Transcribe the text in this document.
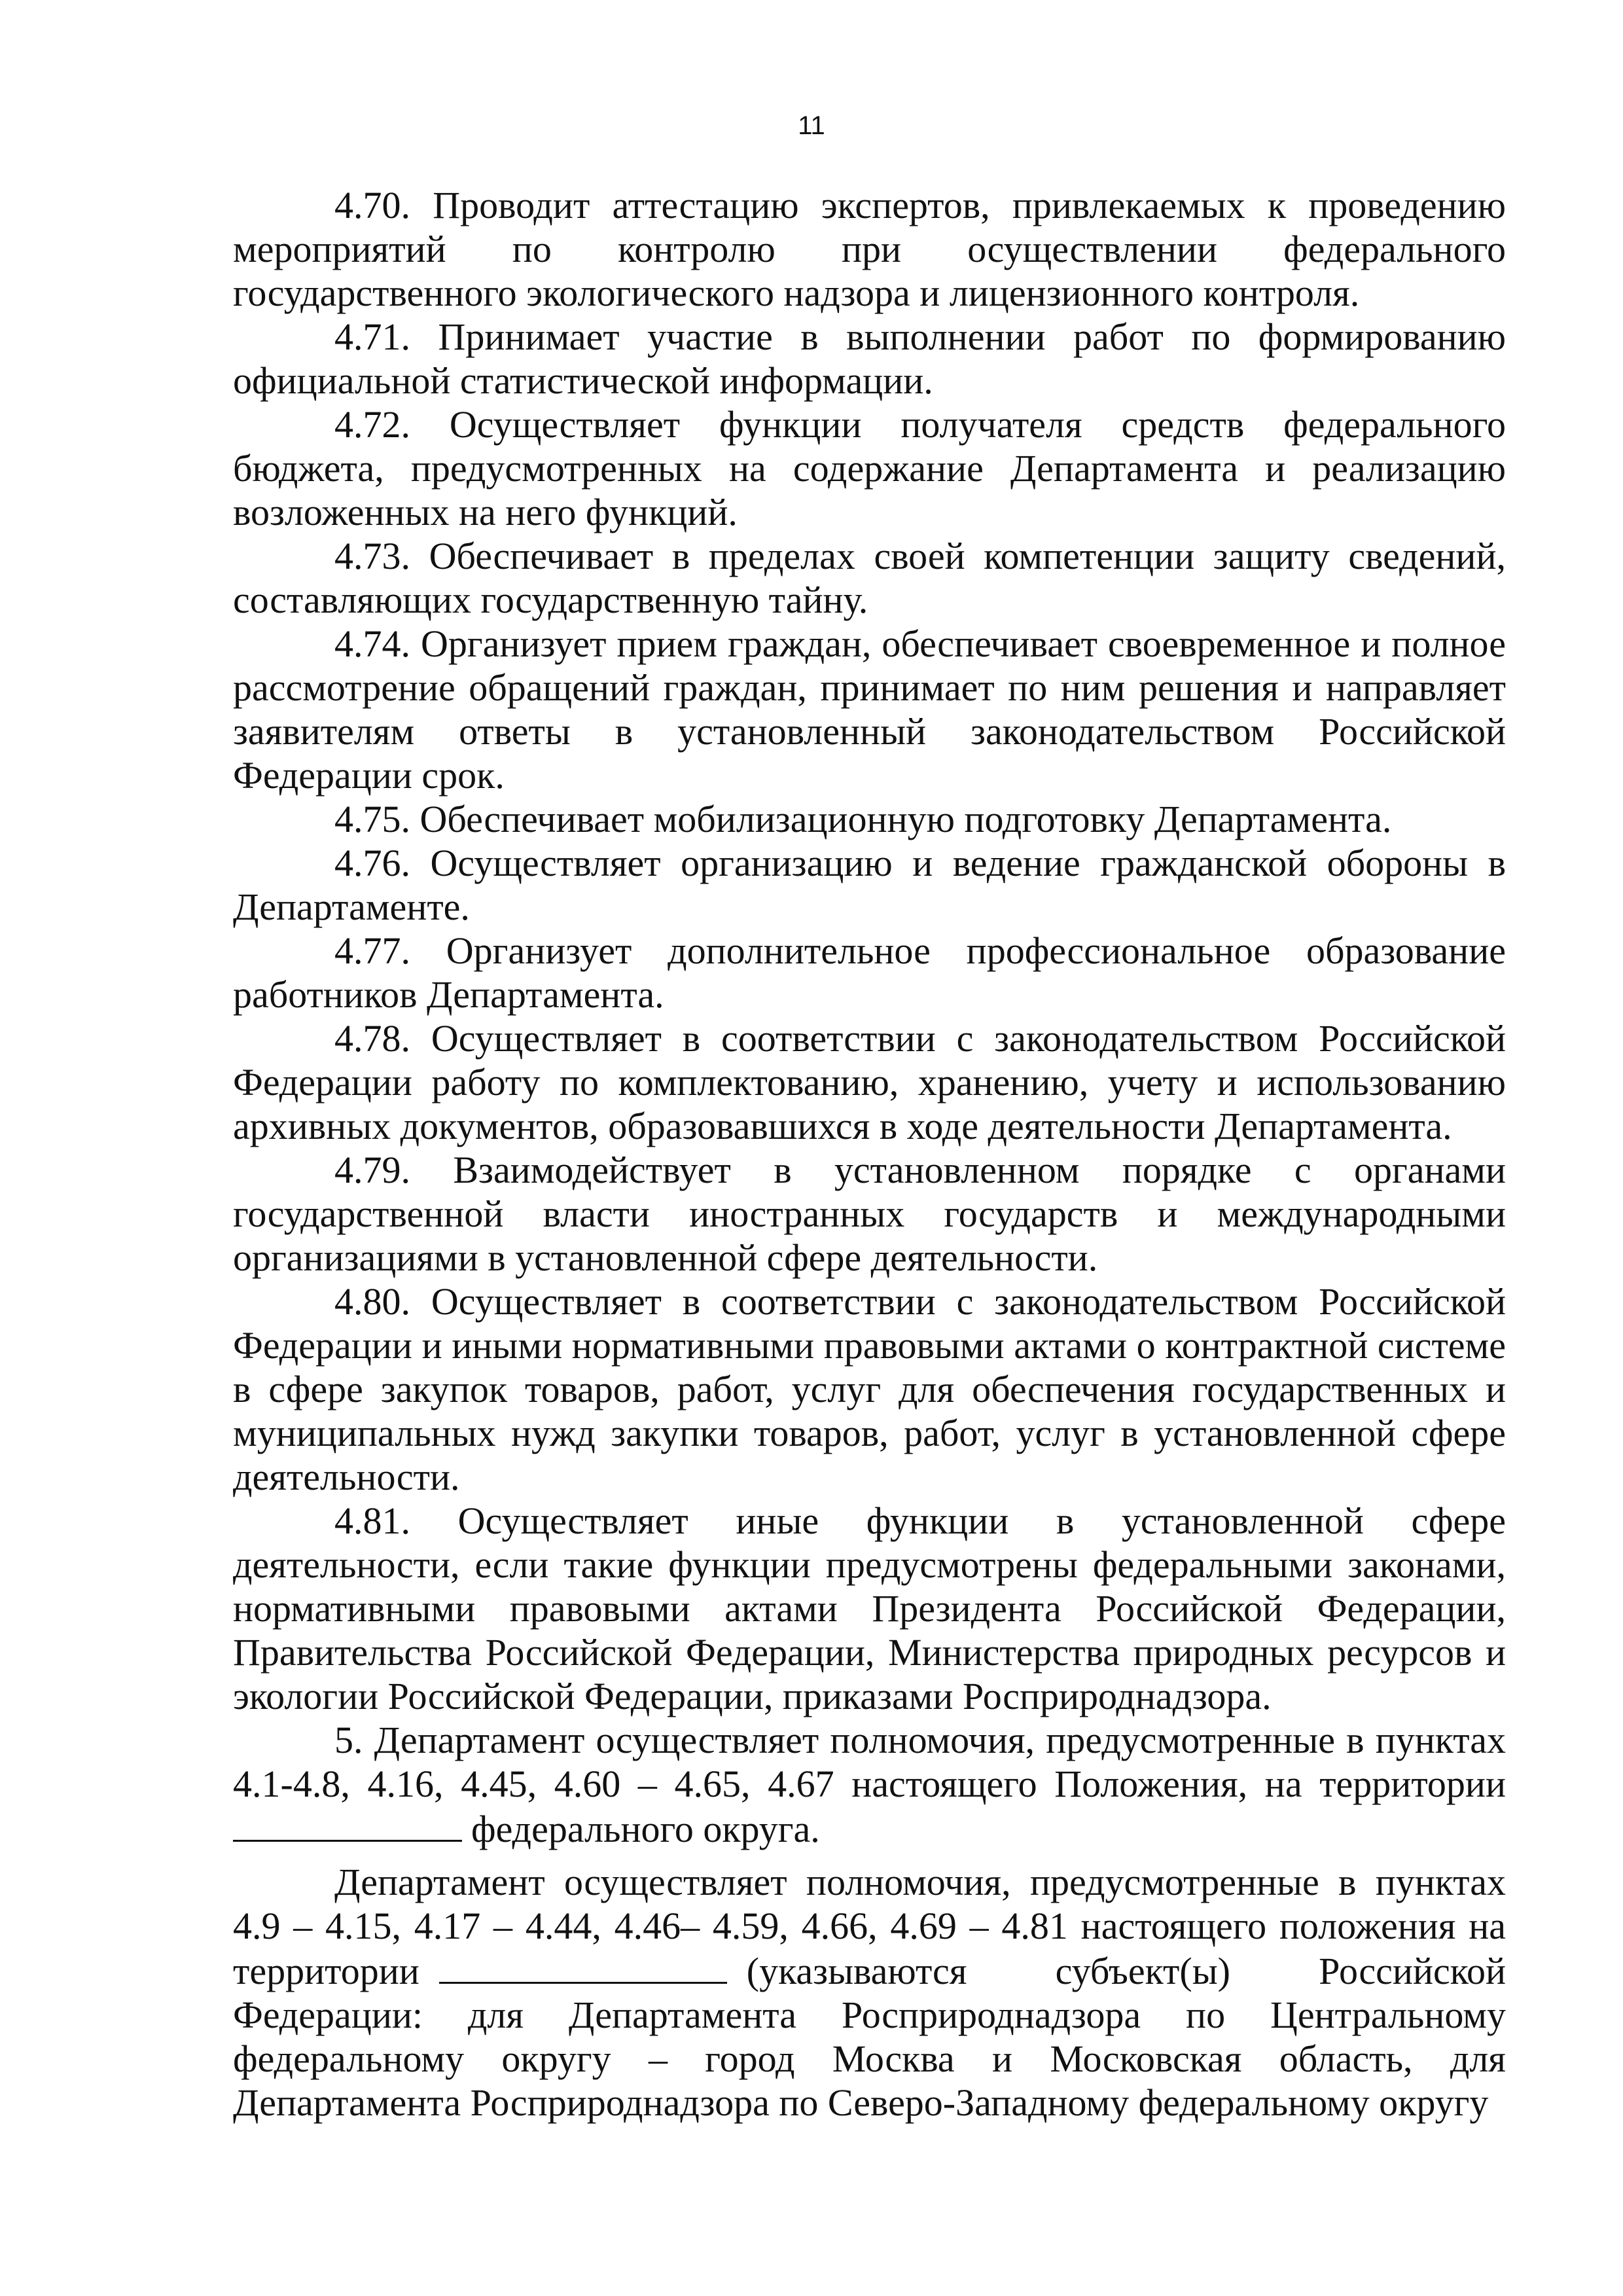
11

4.70. Проводит аттестацию экспертов, привлекаемых к проведению мероприятий по контролю при осуществлении федерального государственного экологического надзора и лицензионного контроля.

4.71. Принимает участие в выполнении работ по формированию официальной статистической информации.

4.72. Осуществляет функции получателя средств федерального бюджета, предусмотренных на содержание Департамента и реализацию возложенных на него функций.

4.73. Обеспечивает в пределах своей компетенции защиту сведений, составляющих государственную тайну.

4.74. Организует прием граждан, обеспечивает своевременное и полное рассмотрение обращений граждан, принимает по ним решения и направляет заявителям ответы в установленный законодательством Российской Федерации срок.

4.75. Обеспечивает мобилизационную подготовку Департамента.

4.76. Осуществляет организацию и ведение гражданской обороны в Департаменте.

4.77. Организует дополнительное профессиональное образование работников Департамента.

4.78. Осуществляет в соответствии с законодательством Российской Федерации работу по комплектованию, хранению, учету и использованию архивных документов, образовавшихся в ходе деятельности Департамента.

4.79. Взаимодействует в установленном порядке с органами государственной власти иностранных государств и международными организациями в установленной сфере деятельности.

4.80. Осуществляет в соответствии с законодательством Российской Федерации и иными нормативными правовыми актами о контрактной системе в сфере закупок товаров, работ, услуг для обеспечения государственных и муниципальных нужд закупки товаров, работ, услуг в установленной сфере деятельности.

4.81. Осуществляет иные функции в установленной сфере деятельности, если такие функции предусмотрены федеральными законами, нормативными правовыми актами Президента Российской Федерации, Правительства Российской Федерации, Министерства природных ресурсов и экологии Российской Федерации, приказами Росприроднадзора.

5. Департамент осуществляет полномочия, предусмотренные в пунктах 4.1-4.8, 4.16, 4.45, 4.60 – 4.65, 4.67 настоящего Положения, на территории федерального округа.

Департамент осуществляет полномочия, предусмотренные в пунктах 4.9 – 4.15, 4.17 – 4.44, 4.46– 4.59, 4.66, 4.69 – 4.81 настоящего положения на территории	(указываются субъект(ы) Российской Федерации: для Департамента Росприроднадзора по Центральному федеральному округу – город Москва и Московская область, для Департамента Росприроднадзора по Северо-Западному федеральному округу
